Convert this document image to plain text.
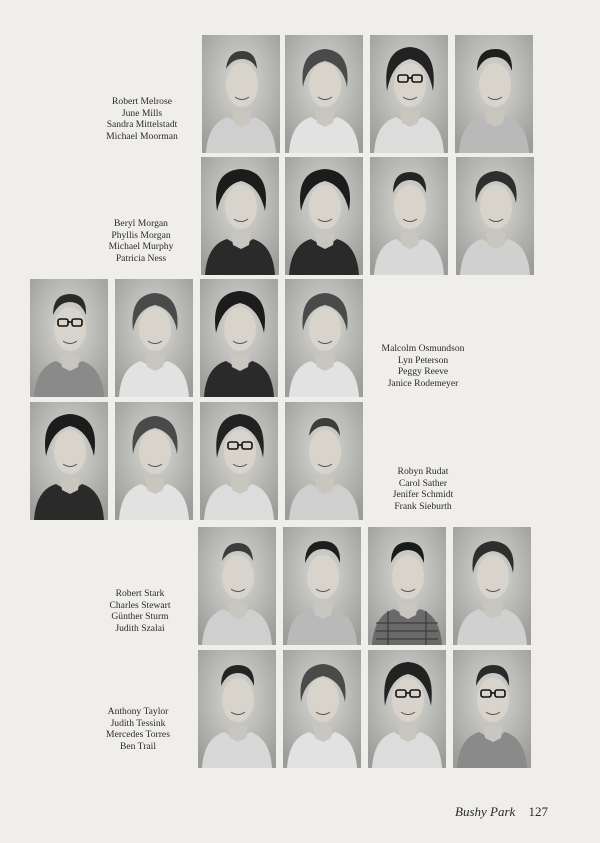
Robert Melrose
June Mills
Sandra Mittelstadt
Michael Moorman
Beryl Morgan
Phyllis Morgan
Michael Murphy
Patricia Ness
Malcolm Osmundson
Lyn Peterson
Peggy Reeve
Janice Rodemeyer
Robyn Rudat
Carol Sather
Jenifer Schmidt
Frank Sieburth
Robert Stark
Charles Stewart
Günther Sturm
Judith Szalai
Anthony Taylor
Judith Tessink
Mercedes Torres
Ben Trail
Bushy Park 127
